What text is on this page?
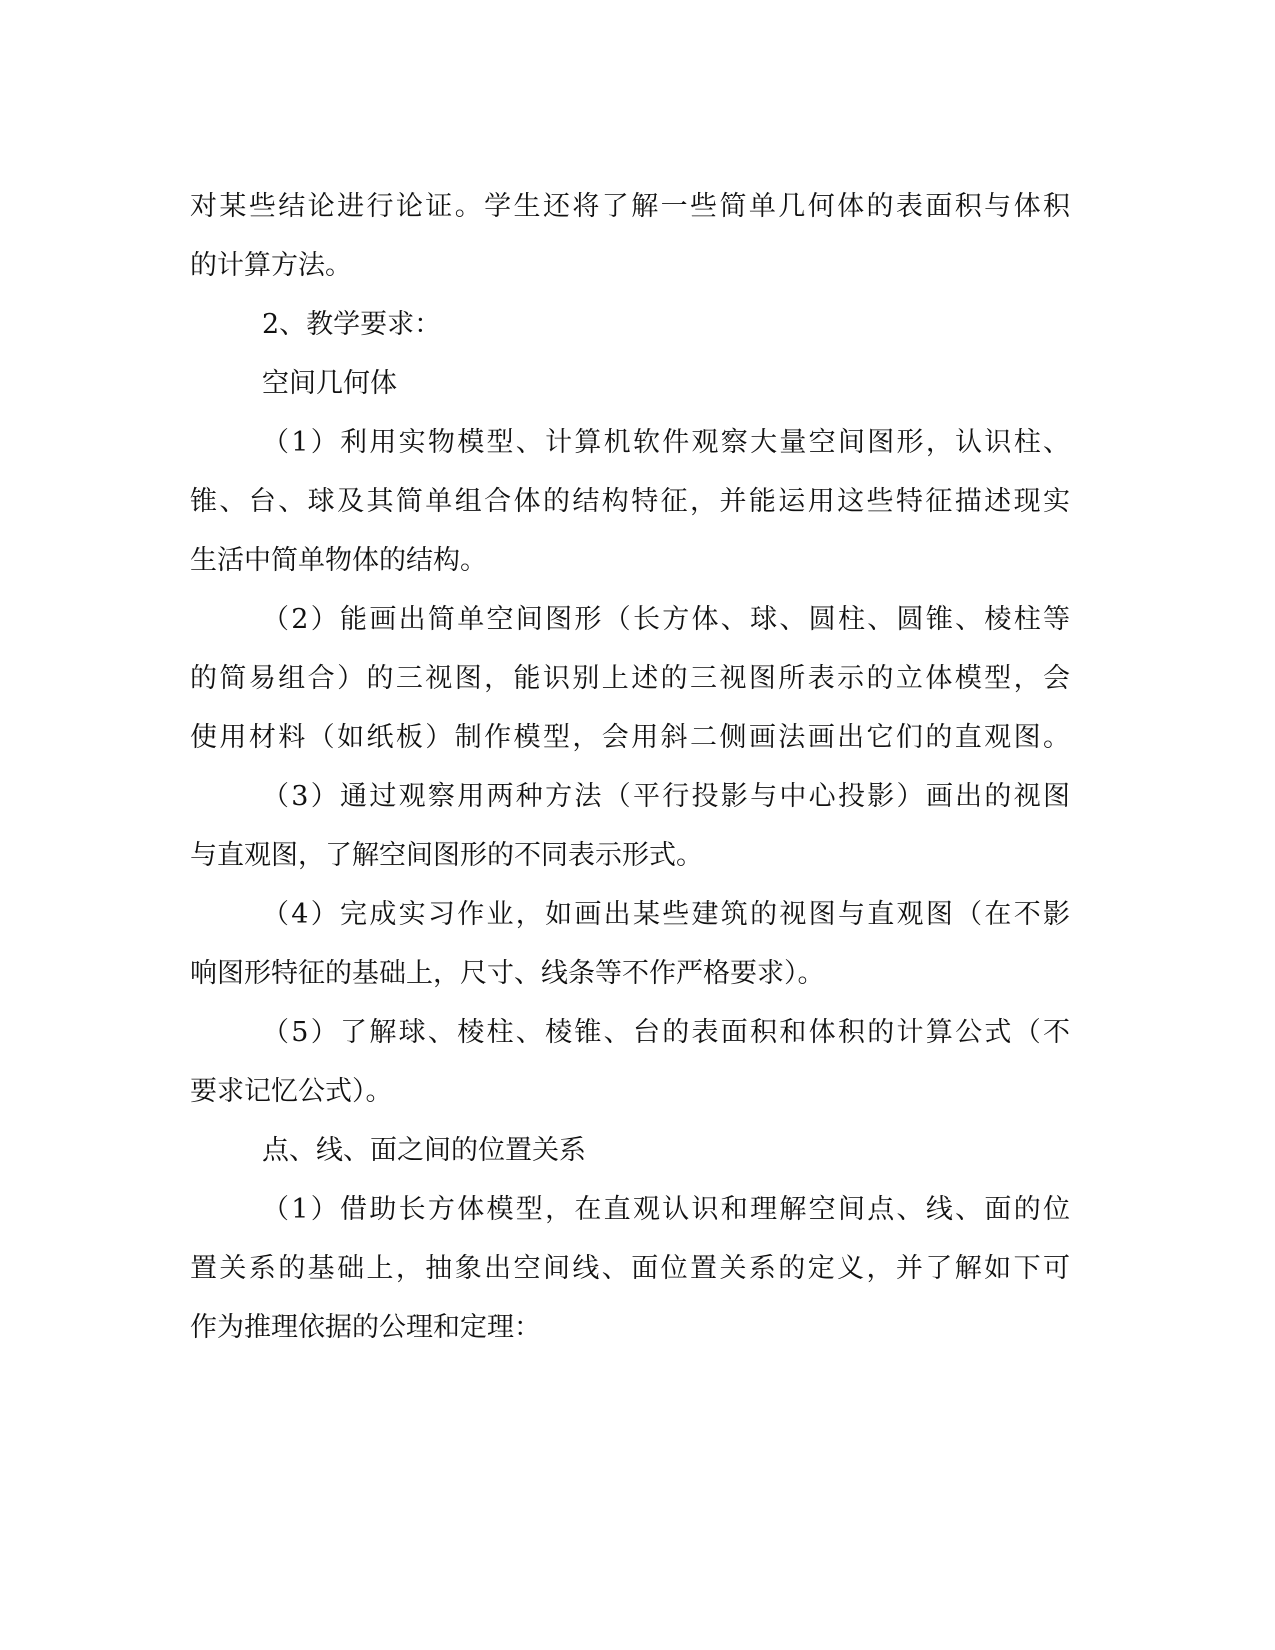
对某些结论进行论证。学生还将了解一些简单几何体的表面积与体积

的计算方法。

2、教学要求：

空间几何体

（1）利用实物模型、计算机软件观察大量空间图形，认识柱、

锥、台、球及其简单组合体的结构特征，并能运用这些特征描述现实

生活中简单物体的结构。

（2）能画出简单空间图形（长方体、球、圆柱、圆锥、棱柱等

的简易组合）的三视图，能识别上述的三视图所表示的立体模型，会

使用材料（如纸板）制作模型，会用斜二侧画法画出它们的直观图。

（3）通过观察用两种方法（平行投影与中心投影）画出的视图

与直观图，了解空间图形的不同表示形式。

（4）完成实习作业，如画出某些建筑的视图与直观图（在不影

响图形特征的基础上，尺寸、线条等不作严格要求）。

（5）了解球、棱柱、棱锥、台的表面积和体积的计算公式（不

要求记忆公式）。

点、线、面之间的位置关系

（1）借助长方体模型，在直观认识和理解空间点、线、面的位

置关系的基础上，抽象出空间线、面位置关系的定义，并了解如下可

作为推理依据的公理和定理：
